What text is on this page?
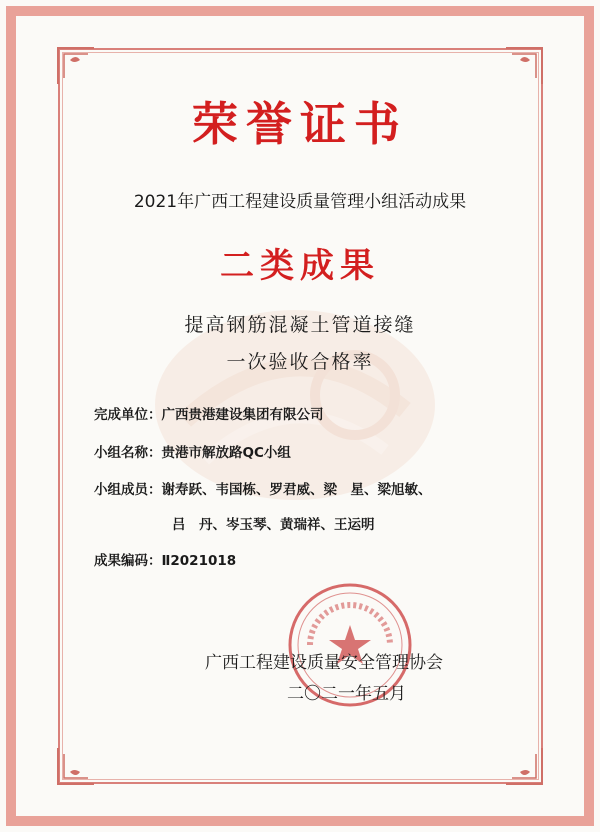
荣誉证书
2021年广西工程建设质量管理小组活动成果
二类成果
提高钢筋混凝土管道接缝
一次验收合格率
完成单位：广西贵港建设集团有限公司
小组名称：贵港市解放路QC小组
小组成员：谢寿跃、韦国栋、罗君威、梁　星、梁旭敏、
吕　丹、岑玉琴、黄瑞祥、王运明
成果编码：Ⅱ2021018
广西工程建设质量安全管理协会
二〇二一年五月
